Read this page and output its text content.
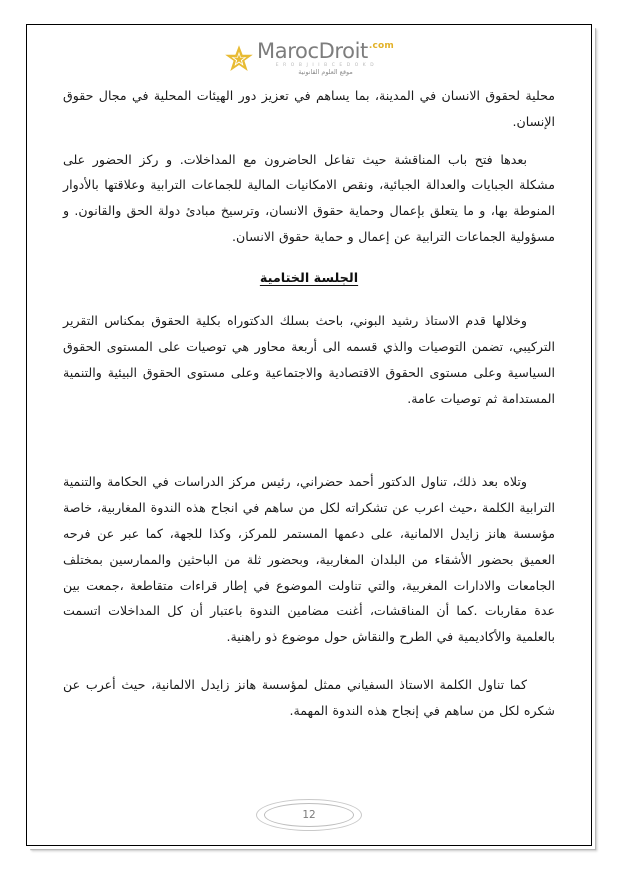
MarocDroit .com
E R O B J I I B C E D O K D
موقع العلوم القانونية

محلية لحقوق الانسان في المدينة، بما يساهم في تعزيز دور الهيئات المحلية في مجال حقوق الإنسان.

بعدها فتح باب المناقشة حيث تفاعل الحاضرون مع المداخلات. و ركز الحضور على مشكلة الجبايات والعدالة الجبائية، ونقص الامكانيات المالية للجماعات الترابية وعلاقتها بالأدوار المنوطة بها، و ما يتعلق بإعمال وحماية حقوق الانسان، وترسيخ مبادئ دولة الحق والقانون. و مسؤولية الجماعات الترابية عن إعمال و حماية حقوق الانسان.

الجلسة الختامية

وخلالها قدم الاستاذ رشيد البوني، باحث بسلك الدكتوراه بكلية الحقوق بمكناس التقرير التركيبي، تضمن التوصيات والذي قسمه الى أربعة محاور هي توصيات على المستوى الحقوق السياسية وعلى مستوى الحقوق الاقتصادية والاجتماعية وعلى مستوى الحقوق البيئية والتنمية المستدامة ثم توصيات عامة.

وتلاه بعد ذلك، تناول الدكتور أحمد حضراني، رئيس مركز الدراسات في الحكامة والتنمية الترابية الكلمة ،حيث اعرب عن تشكراته لكل من ساهم في انجاح هذه الندوة المغاربية، خاصة مؤسسة هانز زايدل الالمانية، على دعمها المستمر للمركز، وكذا للجهة، كما عبر عن فرحه العميق بحضور الأشقاء من البلدان المغاربية، وبحضور ثلة من الباحثين والممارسين بمختلف الجامعات والادارات المغربية، والتي تناولت الموضوع في إطار قراءات متقاطعة ،جمعت بين عدة مقاربات .كما أن المناقشات، أغنت مضامين الندوة باعتبار أن كل المداخلات اتسمت بالعلمية والأكاديمية في الطرح والنقاش حول موضوع ذو راهنية.

كما تناول الكلمة الاستاذ السفياني ممثل لمؤسسة هانز زايدل الالمانية، حيث أعرب عن شكره لكل من ساهم في إنجاح هذه الندوة المهمة.

12
